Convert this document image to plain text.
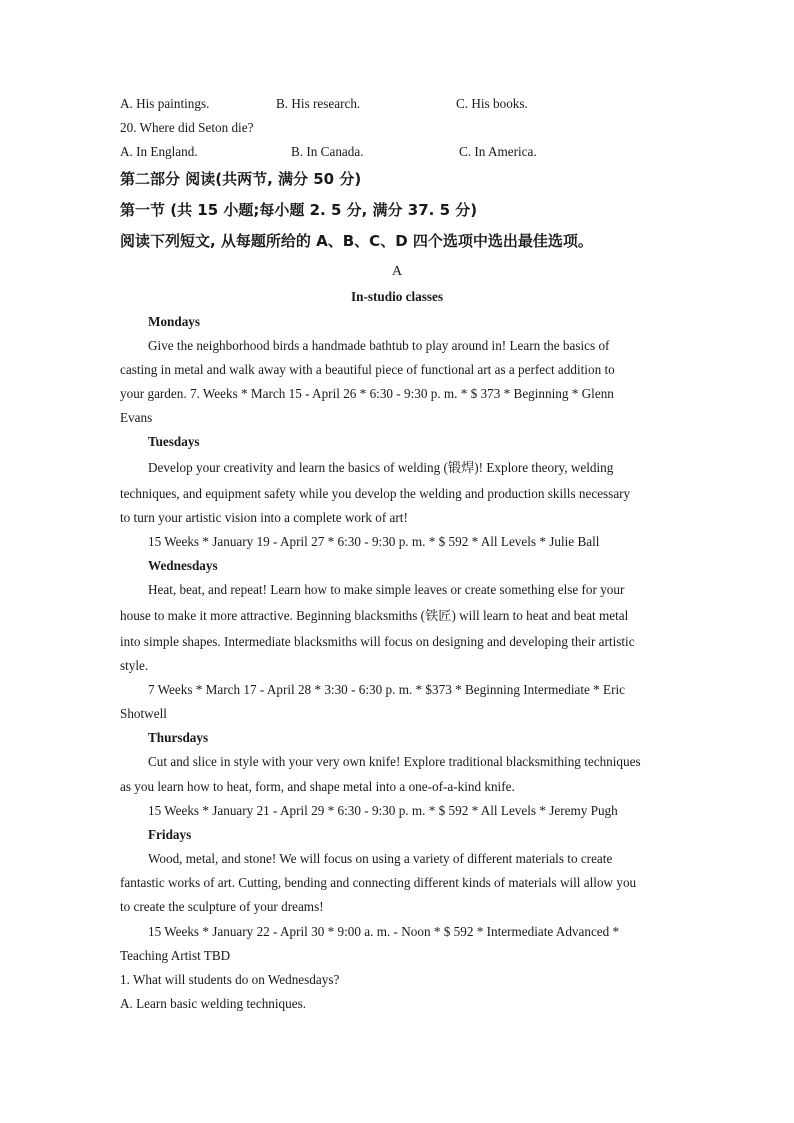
A. His paintings.	B. His research.	C. His books.
20. Where did Seton die?
A. In England.	B. In Canada.	C. In America.
第二部分 阅读(共两节, 满分 50 分)
第一节 (共 15 小题;每小题 2. 5 分, 满分 37. 5 分)
阅读下列短文, 从每题所给的 A、B、C、D 四个选项中选出最佳选项。
A
In-studio classes
Mondays
Give the neighborhood birds a handmade bathtub to play around in! Learn the basics of
casting in metal and walk away with a beautiful piece of functional art as a perfect addition to
your garden. 7. Weeks * March 15 - April 26 * 6:30 - 9:30 p. m. * $ 373 * Beginning * Glenn
Evans
Tuesdays
Develop your creativity and learn the basics of welding (锻焊)! Explore theory, welding
techniques, and equipment safety while you develop the welding and production skills necessary
to turn your artistic vision into a complete work of art!
15 Weeks * January 19 - April 27 * 6:30 - 9:30 p. m. * $ 592 * All Levels * Julie Ball
Wednesdays
Heat, beat, and repeat! Learn how to make simple leaves or create something else for your
house to make it more attractive. Beginning blacksmiths (铁匠) will learn to heat and beat metal
into simple shapes. Intermediate blacksmiths will focus on designing and developing their artistic
style.
7 Weeks * March 17 - April 28 * 3:30 - 6:30 p. m. * $373 * Beginning Intermediate * Eric
Shotwell
Thursdays
Cut and slice in style with your very own knife! Explore traditional blacksmithing techniques
as you learn how to heat, form, and shape metal into a one-of-a-kind knife.
15 Weeks * January 21 - April 29 * 6:30 - 9:30 p. m. * $ 592 * All Levels * Jeremy Pugh
Fridays
Wood, metal, and stone! We will focus on using a variety of different materials to create
fantastic works of art. Cutting, bending and connecting different kinds of materials will allow you
to create the sculpture of your dreams!
15 Weeks * January 22 - April 30 * 9:00 a. m. - Noon * $ 592 * Intermediate Advanced *
Teaching Artist TBD
1. What will students do on Wednesdays?
A. Learn basic welding techniques.
